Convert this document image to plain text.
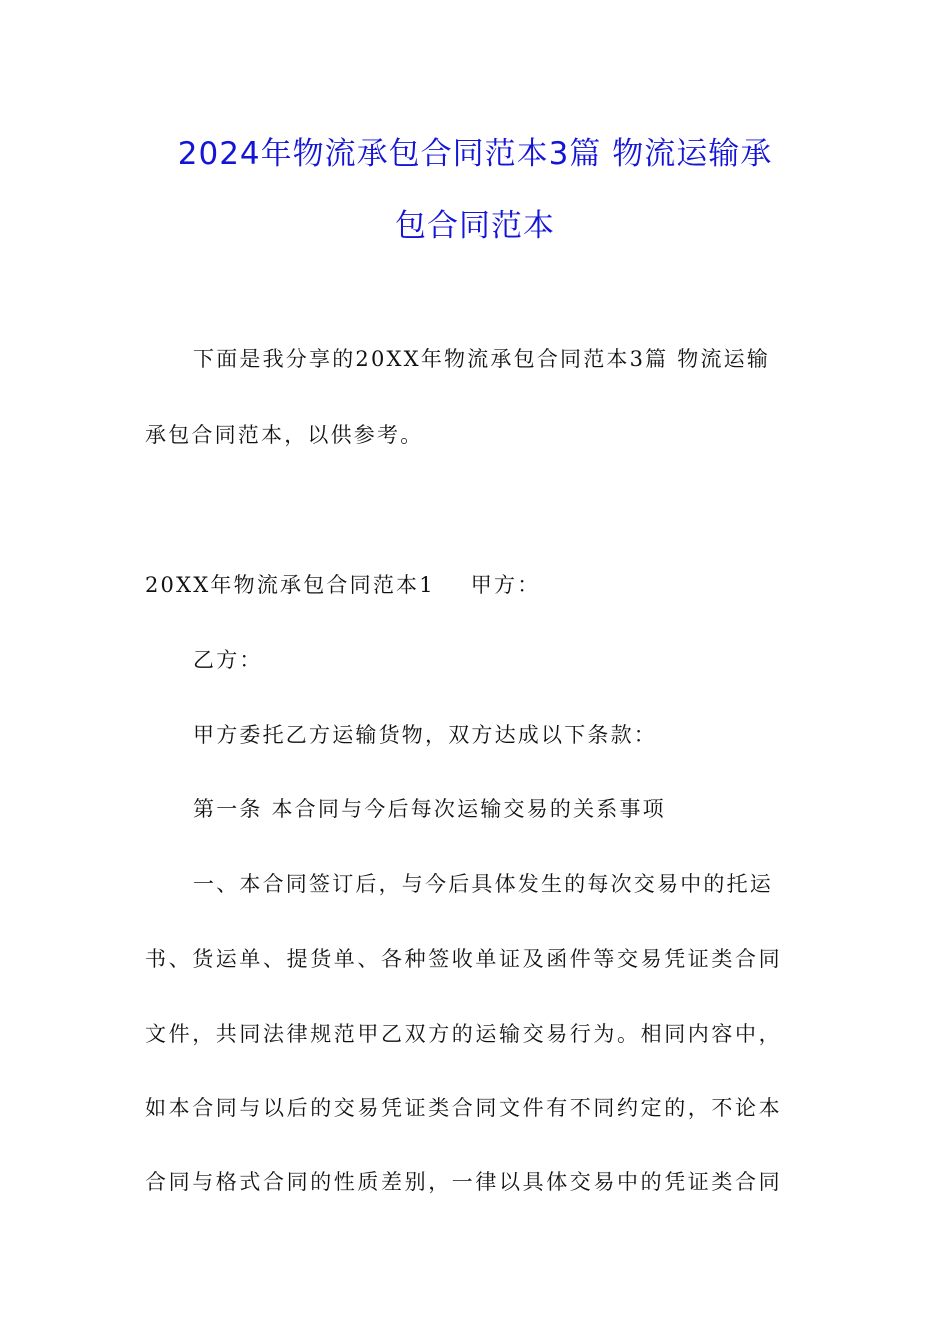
2024年物流承包合同范本3篇 物流运输承
包合同范本
下面是我分享的20XX年物流承包合同范本3篇 物流运输
承包合同范本，以供参考。
20XX年物流承包合同范本1 甲方：
乙方：
甲方委托乙方运输货物，双方达成以下条款：
第一条 本合同与今后每次运输交易的关系事项
一、本合同签订后，与今后具体发生的每次交易中的托运
书、货运单、提货单、各种签收单证及函件等交易凭证类合同
文件，共同法律规范甲乙双方的运输交易行为。相同内容中，
如本合同与以后的交易凭证类合同文件有不同约定的，不论本
合同与格式合同的性质差别，一律以具体交易中的凭证类合同
